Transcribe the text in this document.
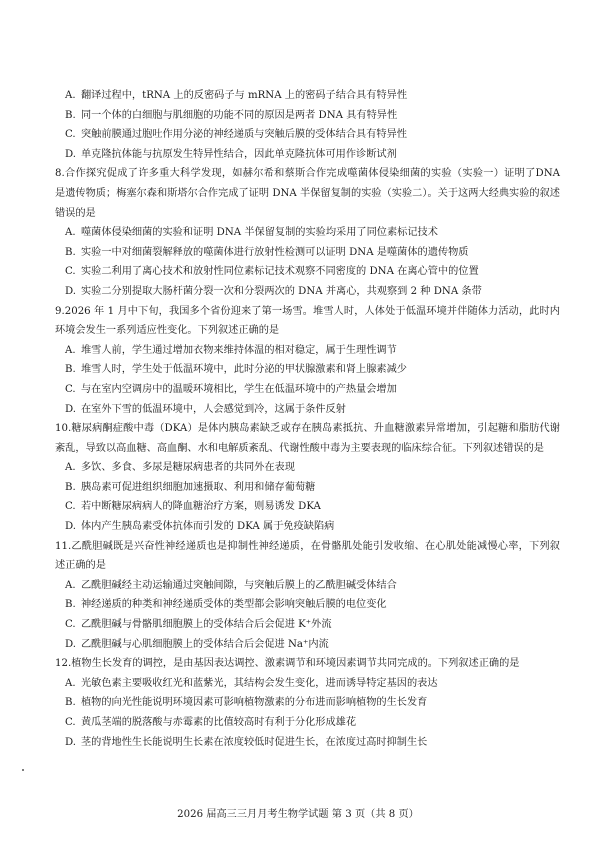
A. 翻译过程中，tRNA 上的反密码子与 mRNA 上的密码子结合具有特异性

B. 同一个体的白细胞与肌细胞的功能不同的原因是两者 DNA 具有特异性

C. 突触前膜通过胞吐作用分泌的神经递质与突触后膜的受体结合具有特异性

D. 单克隆抗体能与抗原发生特异性结合，因此单克隆抗体可用作诊断试剂

8.合作探究促成了许多重大科学发现，如赫尔希和蔡斯合作完成噬菌体侵染细菌的实验（实验一）证明了DNA 是遗传物质；梅塞尔森和斯塔尔合作完成了证明 DNA 半保留复制的实验（实验二）。关于这两大经典实验的叙述错误的是

A. 噬菌体侵染细菌的实验和证明 DNA 半保留复制的实验均采用了同位素标记技术

B. 实验一中对细菌裂解释放的噬菌体进行放射性检测可以证明 DNA 是噬菌体的遗传物质

C. 实验二利用了离心技术和放射性同位素标记技术观察不同密度的 DNA 在离心管中的位置

D. 实验二分别提取大肠杆菌分裂一次和分裂两次的 DNA 并离心，共观察到 2 种 DNA 条带

9.2026 年 1 月中下旬，我国多个省份迎来了第一场雪。堆雪人时，人体处于低温环境并伴随体力活动，此时内环境会发生一系列适应性变化。下列叙述正确的是

A. 堆雪人前，学生通过增加衣物来维持体温的相对稳定，属于生理性调节

B. 堆雪人时，学生处于低温环境中，此时分泌的甲状腺激素和肾上腺素减少

C. 与在室内空调房中的温暖环境相比，学生在低温环境中的产热量会增加

D. 在室外下雪的低温环境中，人会感觉到冷，这属于条件反射

10.糖尿病酮症酸中毒（DKA）是体内胰岛素缺乏或存在胰岛素抵抗、升血糖激素异常增加，引起糖和脂肪代谢紊乱，导致以高血糖、高血酮、水和电解质紊乱、代谢性酸中毒为主要表现的临床综合征。下列叙述错误的是

A. 多饮、多食、多尿是糖尿病患者的共同外在表现

B. 胰岛素可促进组织细胞加速摄取、利用和储存葡萄糖

C. 若中断糖尿病病人的降血糖治疗方案，则易诱发 DKA

D. 体内产生胰岛素受体抗体而引发的 DKA 属于免疫缺陷病

11.乙酰胆碱既是兴奋性神经递质也是抑制性神经递质，在骨骼肌处能引发收缩、在心肌处能减慢心率，下列叙述正确的是

A. 乙酰胆碱经主动运输通过突触间隙，与突触后膜上的乙酰胆碱受体结合

B. 神经递质的种类和神经递质受体的类型都会影响突触后膜的电位变化

C. 乙酰胆碱与骨骼肌细胞膜上的受体结合后会促进 K⁺外流

D. 乙酰胆碱与心肌细胞膜上的受体结合后会促进 Na⁺内流

12.植物生长发育的调控，是由基因表达调控、激素调节和环境因素调节共同完成的。下列叙述正确的是

A. 光敏色素主要吸收红光和蓝紫光，其结构会发生变化，进而诱导特定基因的表达

B. 植物的向光性能说明环境因素可影响植物激素的分布进而影响植物的生长发育

C. 黄瓜茎端的脱落酸与赤霉素的比值较高时有利于分化形成雄花

D. 茎的背地性生长能说明生长素在浓度较低时促进生长，在浓度过高时抑制生长

2026 届高三三月月考生物学试题 第 3 页（共 8 页）
